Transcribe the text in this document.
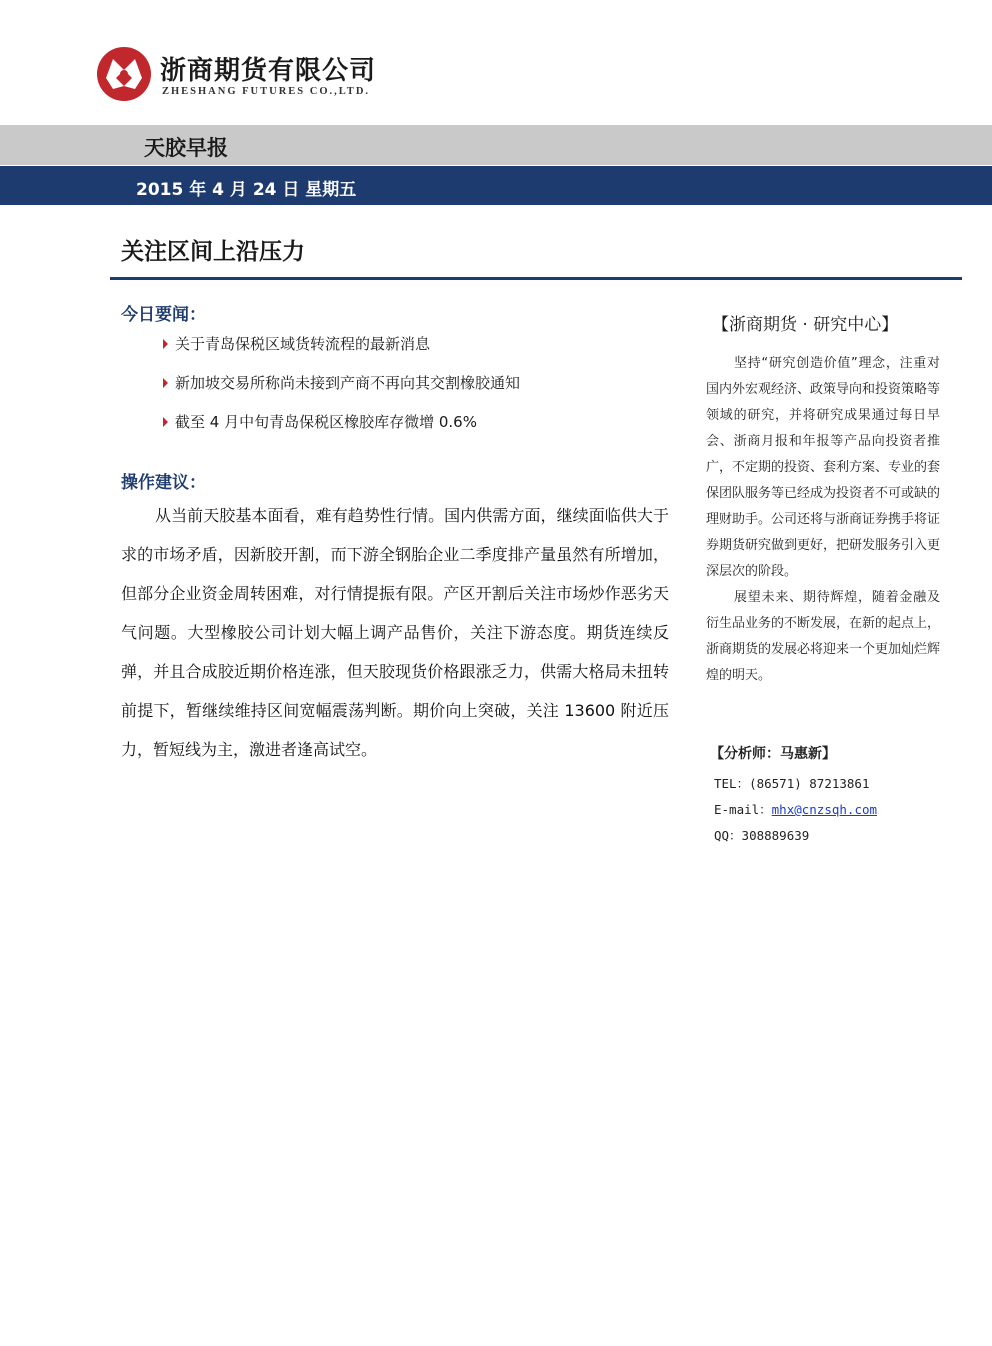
浙商期货有限公司
ZHESHANG FUTURES CO.,LTD.
天胶早报
2015 年 4 月 24 日 星期五
关注区间上沿压力
今日要闻：
关于青岛保税区域货转流程的最新消息
新加坡交易所称尚未接到产商不再向其交割橡胶通知
截至 4 月中旬青岛保税区橡胶库存微增 0.6%
操作建议：

从当前天胶基本面看，难有趋势性行情。国内供需方面，继续面临供大于求的市场矛盾，因新胶开割，而下游全钢胎企业二季度排产量虽然有所增加，但部分企业资金周转困难，对行情提振有限。产区开割后关注市场炒作恶劣天气问题。大型橡胶公司计划大幅上调产品售价，关注下游态度。期货连续反弹，并且合成胶近期价格连涨，但天胶现货价格跟涨乏力，供需大格局未扭转前提下，暂继续维持区间宽幅震荡判断。期价向上突破，关注 13600 附近压力，暂短线为主，激进者逢高试空。

【浙商期货 · 研究中心】

坚持“研究创造价值”理念，注重对国内外宏观经济、政策导向和投资策略等领域的研究，并将研究成果通过每日早会、浙商月报和年报等产品向投资者推广，不定期的投资、套利方案、专业的套保团队服务等已经成为投资者不可或缺的理财助手。公司还将与浙商证券携手将证券期货研究做到更好，把研发服务引入更深层次的阶段。

展望未来、期待辉煌，随着金融及衍生品业务的不断发展，在新的起点上，浙商期货的发展必将迎来一个更加灿烂辉煌的明天。

【分析师：马惠新】
TEL：(86571) 87213861
E-mail：mhx@cnzsqh.com
QQ：308889639
